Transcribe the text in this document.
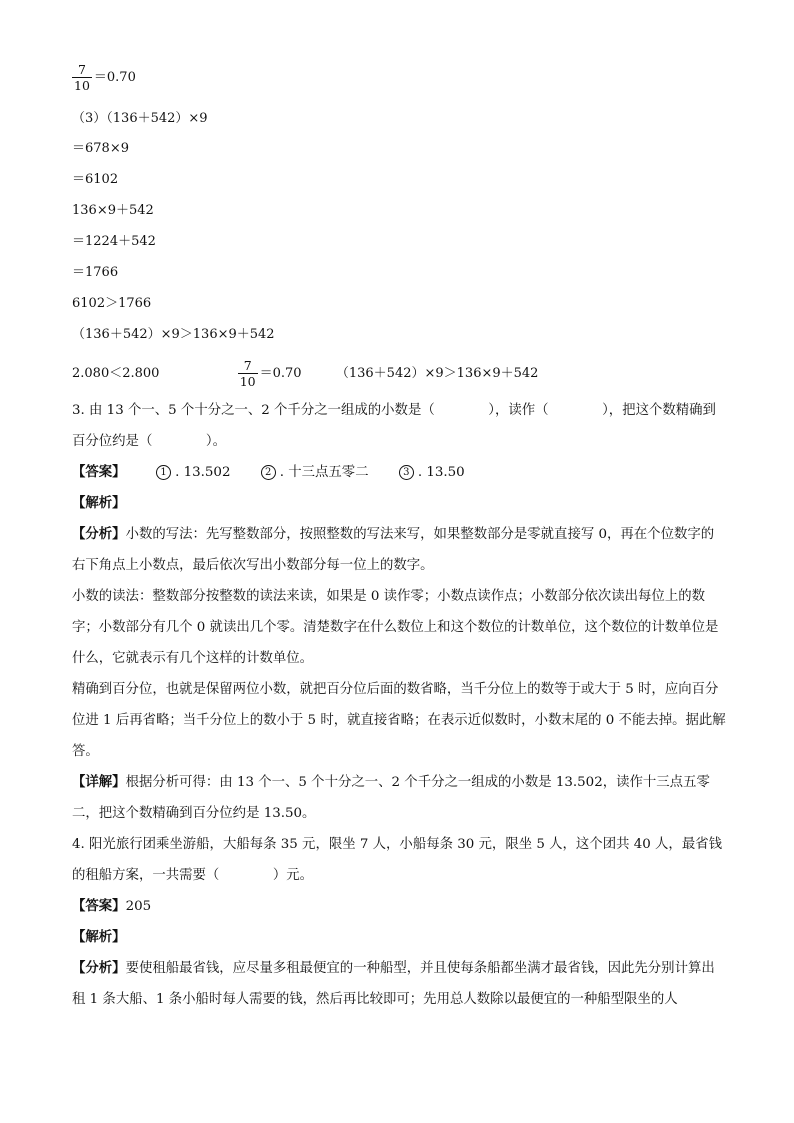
$\frac{7}{10} =0.70$
（3）（136＋542）×9
＝678×9
＝6102
136×9＋542
＝1224＋542
＝1766
6102＞1766
（136＋542）×9＞136×9＋542
2.080＜2.800	$\frac{7}{10} =0.70$	（136＋542）×9＞136×9＋542
3. 由 13 个一、5 个十分之一、2 个千分之一组成的小数是（　　　　），读作（　　　　），把这个数精确到百分位约是（　　　　）。
【答案】	1 . 13.502	2 . 十三点五零二	3 . 13.50
【解析】
【分析】小数的写法：先写整数部分，按照整数的写法来写，如果整数部分是零就直接写 0，再在个位数字的右下角点上小数点，最后依次写出小数部分每一位上的数字。
小数的读法：整数部分按整数的读法来读，如果是 0 读作零；小数点读作点；小数部分依次读出每位上的数字；小数部分有几个 0 就读出几个零。清楚数字在什么数位上和这个数位的计数单位，这个数位的计数单位是什么，它就表示有几个这样的计数单位。
精确到百分位，也就是保留两位小数，就把百分位后面的数省略，当千分位上的数等于或大于 5 时，应向百分位进 1 后再省略；当千分位上的数小于 5 时，就直接省略；在表示近似数时，小数末尾的 0 不能去掉。据此解答。
【详解】根据分析可得：由 13 个一、5 个十分之一、2 个千分之一组成的小数是 13.502，读作十三点五零二，把这个数精确到百分位约是 13.50。
4. 阳光旅行团乘坐游船，大船每条 35 元，限坐 7 人，小船每条 30 元，限坐 5 人，这个团共 40 人，最省钱的租船方案，一共需要（　　　　）元。
【答案】205
【解析】
【分析】要使租船最省钱，应尽量多租最便宜的一种船型，并且使每条船都坐满才最省钱，因此先分别计算出租 1 条大船、1 条小船时每人需要的钱，然后再比较即可；先用总人数除以最便宜的一种船型限坐的人
